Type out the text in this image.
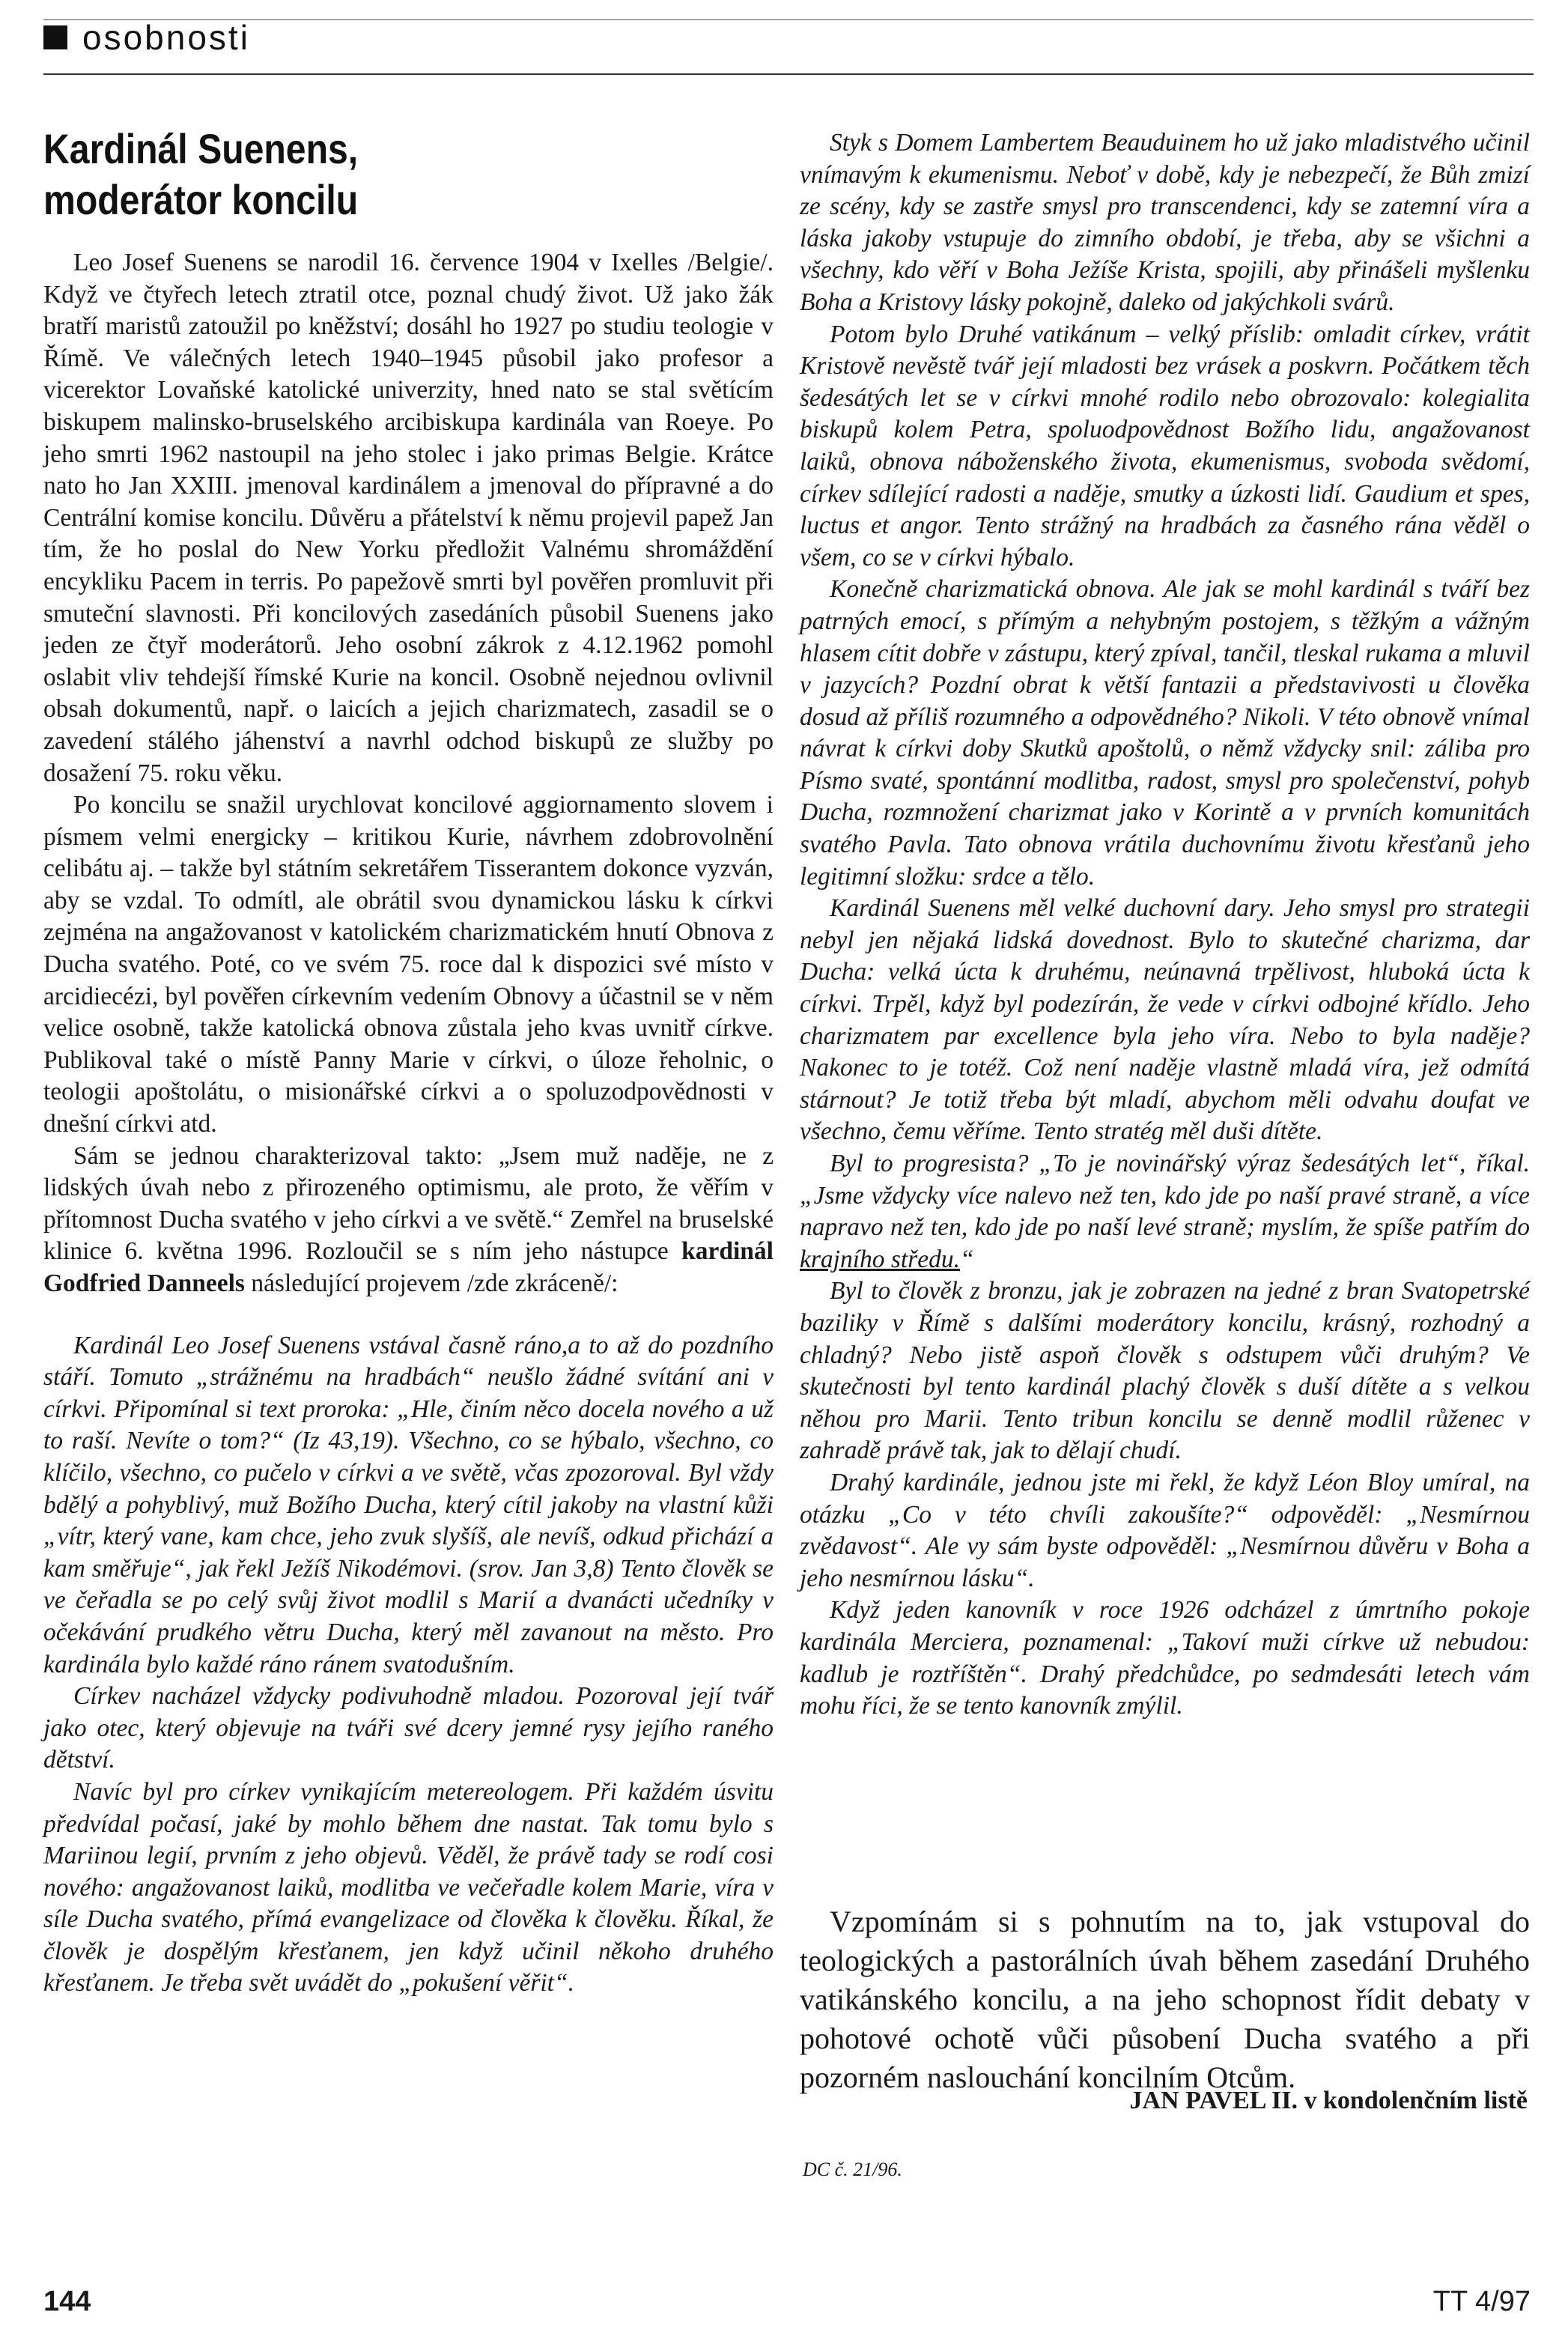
osobnosti
Kardinál Suenens,
moderátor koncilu

Leo Josef Suenens se narodil 16. července 1904 v Ixelles /Belgie/. Když ve čtyřech letech ztratil otce, poznal chudý život. Už jako žák bratří maristů zatoužil po kněžství; dosáhl ho 1927 po studiu teologie v Římě. Ve válečných letech 1940–1945 působil jako profesor a vicerektor Lovaňské katolické univerzity, hned nato se stal světícím biskupem malinsko-bruselského arcibiskupa kardinála van Roeye. Po jeho smrti 1962 nastoupil na jeho stolec i jako primas Belgie. Krátce nato ho Jan XXIII. jmenoval kardinálem a jmenoval do přípravné a do Centrální komise koncilu. Důvěru a přátelství k němu projevil papež Jan tím, že ho poslal do New Yorku předložit Valnému shromáždění encykliku Pacem in terris. Po papežově smrti byl pověřen promluvit při smuteční slavnosti. Při koncilových zasedáních působil Suenens jako jeden ze čtyř moderátorů. Jeho osobní zákrok z 4.12.1962 pomohl oslabit vliv tehdejší římské Kurie na koncil. Osobně nejednou ovlivnil obsah dokumentů, např. o laicích a jejich charizmatech, zasadil se o zavedení stálého jáhenství a navrhl odchod biskupů ze služby po dosažení 75. roku věku.

Po koncilu se snažil urychlovat koncilové aggiornamento slovem i písmem velmi energicky – kritikou Kurie, návrhem zdobrovolnění celibátu aj. – takže byl státním sekretářem Tisserantem dokonce vyzván, aby se vzdal. To odmítl, ale obrátil svou dynamickou lásku k církvi zejména na angažovanost v katolickém charizmatickém hnutí Obnova z Ducha svatého. Poté, co ve svém 75. roce dal k dispozici své místo v arcidiecézi, byl pověřen církevním vedením Obnovy a účastnil se v něm velice osobně, takže katolická obnova zůstala jeho kvas uvnitř církve. Publikoval také o místě Panny Marie v církvi, o úloze řeholnic, o teologii apoštolátu, o misionářské církvi a o spoluzodpovědnosti v dnešní církvi atd.

Sám se jednou charakterizoval takto: „Jsem muž naděje, ne z lidských úvah nebo z přirozeného optimismu, ale proto, že věřím v přítomnost Ducha svatého v jeho církvi a ve světě.“ Zemřel na bruselské klinice 6. května 1996. Rozloučil se s ním jeho nástupce kardinál Godfried Danneels následující projevem /zde zkráceně/:

Kardinál Leo Josef Suenens vstával časně ráno,a to až do pozdního stáří. Tomuto „strážnému na hradbách“ neušlo žádné svítání ani v církvi. Připomínal si text proroka: „Hle, činím něco docela nového a už to raší. Nevíte o tom?“ (Iz 43,19). Všechno, co se hýbalo, všechno, co klíčilo, všechno, co pučelo v církvi a ve světě, včas zpozoroval. Byl vždy bdělý a pohyblivý, muž Božího Ducha, který cítil jakoby na vlastní kůži „vítr, který vane, kam chce, jeho zvuk slyšíš, ale nevíš, odkud přichází a kam směřuje“, jak řekl Ježíš Nikodémovi. (srov. Jan 3,8) Tento člověk se ve čeřadla se po celý svůj život modlil s Marií a dvanácti učedníky v očekávání prudkého větru Ducha, který měl zavanout na město. Pro kardinála bylo každé ráno ránem svatodušním.

Církev nacházel vždycky podivuhodně mladou. Pozoroval její tvář jako otec, který objevuje na tváři své dcery jemné rysy jejího raného dětství.

Navíc byl pro církev vynikajícím metereologem. Při každém úsvitu předvídal počasí, jaké by mohlo během dne nastat. Tak tomu bylo s Mariinou legií, prvním z jeho objevů. Věděl, že právě tady se rodí cosi nového: angažovanost laiků, modlitba ve večeřadle kolem Marie, víra v síle Ducha svatého, přímá evangelizace od člověka k člověku. Říkal, že člověk je dospělým křesťanem, jen když učinil někoho druhého křesťanem. Je třeba svět uvádět do „pokušení věřit“.

Styk s Domem Lambertem Beauduinem ho už jako mladistvého učinil vnímavým k ekumenismu. Neboť v době, kdy je nebezpečí, že Bůh zmizí ze scény, kdy se zastře smysl pro transcendenci, kdy se zatemní víra a láska jakoby vstupuje do zimního období, je třeba, aby se všichni a všechny, kdo věří v Boha Ježíše Krista, spojili, aby přinášeli myšlenku Boha a Kristovy lásky pokojně, daleko od jakýchkoli svárů.

Potom bylo Druhé vatikánum – velký příslib: omladit církev, vrátit Kristově nevěstě tvář její mladosti bez vrásek a poskvrn. Počátkem těch šedesátých let se v církvi mnohé rodilo nebo obrozovalo: kolegialita biskupů kolem Petra, spoluodpovědnost Božího lidu, angažovanost laiků, obnova náboženského života, ekumenismus, svoboda svědomí, církev sdílející radosti a naděje, smutky a úzkosti lidí. Gaudium et spes, luctus et angor. Tento strážný na hradbách za časného rána věděl o všem, co se v církvi hýbalo.

Konečně charizmatická obnova. Ale jak se mohl kardinál s tváří bez patrných emocí, s přímým a nehybným postojem, s těžkým a vážným hlasem cítit dobře v zástupu, který zpíval, tančil, tleskal rukama a mluvil v jazycích? Pozdní obrat k větší fantazii a představivosti u člověka dosud až příliš rozumného a odpovědného? Nikoli. V této obnově vnímal návrat k církvi doby Skutků apoštolů, o němž vždycky snil: záliba pro Písmo svaté, spontánní modlitba, radost, smysl pro společenství, pohyb Ducha, rozmnožení charizmat jako v Korintě a v prvních komunitách svatého Pavla. Tato obnova vrátila duchovnímu životu křesťanů jeho legitimní složku: srdce a tělo.

Kardinál Suenens měl velké duchovní dary. Jeho smysl pro strategii nebyl jen nějaká lidská dovednost. Bylo to skutečné charizma, dar Ducha: velká úcta k druhému, neúnavná trpělivost, hluboká úcta k církvi. Trpěl, když byl podezírán, že vede v církvi odbojné křídlo. Jeho charizmatem par excellence byla jeho víra. Nebo to byla naděje? Nakonec to je totéž. Což není naděje vlastně mladá víra, jež odmítá stárnout? Je totiž třeba být mladí, abychom měli odvahu doufat ve všechno, čemu věříme. Tento stratég měl duši dítěte.

Byl to progresista? „To je novinářský výraz šedesátých let“, říkal. „Jsme vždycky více nalevo než ten, kdo jde po naší pravé straně, a více napravo než ten, kdo jde po naší levé straně; myslím, že spíše patřím do krajního středu.“

Byl to člověk z bronzu, jak je zobrazen na jedné z bran Svatopetrské baziliky v Římě s dalšími moderátory koncilu, krásný, rozhodný a chladný? Nebo jistě aspoň člověk s odstupem vůči druhým? Ve skutečnosti byl tento kardinál plachý člověk s duší dítěte a s velkou něhou pro Marii. Tento tribun koncilu se denně modlil růženec v zahradě právě tak, jak to dělají chudí.

Drahý kardinále, jednou jste mi řekl, že když Léon Bloy umíral, na otázku „Co v této chvíli zakoušíte?“ odpověděl: „Nesmírnou zvědavost“. Ale vy sám byste odpověděl: „Nesmírnou důvěru v Boha a jeho nesmírnou lásku“.

Když jeden kanovník v roce 1926 odcházel z úmrtního pokoje kardinála Merciera, poznamenal: „Takoví muži církve už nebudou: kadlub je roztříštěn“. Drahý předchůdce, po sedmdesáti letech vám mohu říci, že se tento kanovník zmýlil.

Vzpomínám si s pohnutím na to, jak vstupoval do teologických a pastorálních úvah během zasedání Druhého vatikánského koncilu, a na jeho schopnost řídit debaty v pohotové ochotě vůči působení Ducha svatého a při pozorném naslouchání koncilním Otcům.

JAN PAVEL II. v kondolenčním listě
DC č. 21/96.
144	TT 4/97
